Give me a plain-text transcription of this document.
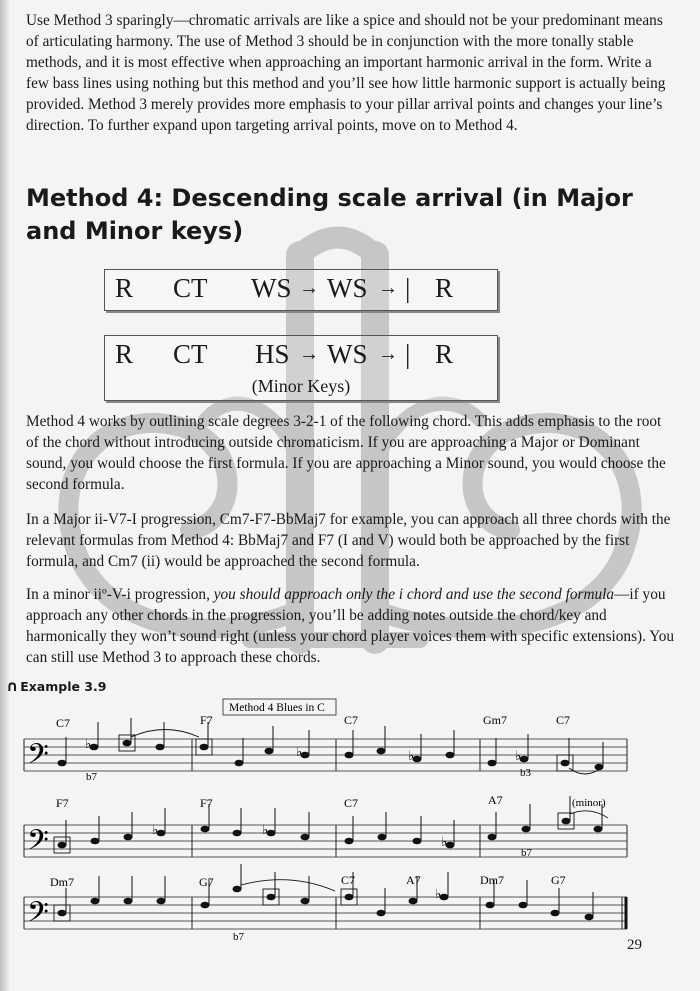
Use Method 3 sparingly—chromatic arrivals are like a spice and should not be your predominant means of articulating harmony. The use of Method 3 should be in conjunction with the more tonally stable methods, and it is most effective when approaching an important harmonic arrival in the form. Write a few bass lines using nothing but this method and you’ll see how little harmonic support is actually being provided. Method 3 merely provides more emphasis to your pillar arrival points and changes your line’s direction. To further expand upon targeting arrival points, move on to Method 4.

Method 4: Descending scale arrival (in Major and Minor keys)
R CT WS → WS → | R
R CT HS → WS → | R
(Minor Keys)

Method 4 works by outlining scale degrees 3-2-1 of the following chord. This adds emphasis to the root of the chord without introducing outside chromaticism. If you are approaching a Major or Dominant sound, you would choose the first formula. If you are approaching a Minor sound, you would choose the second formula.

In a Major ii-V7-I progression, Cm7-F7-BbMaj7 for example, you can approach all three chords with the relevant formulas from Method 4: BbMaj7 and F7 (I and V) would both be approached by the first formula, and Cm7 (ii) would be approached the second formula.

In a minor iiº-V-i progression, you should approach only the i chord and use the second formula—if you approach any other chords in the progression, you’ll be adding notes outside the chord/key and harmonically they won’t sound right (unless your chord player voices them with specific extensions). You can still use Method 3 to approach these chords.

∩ Example 3.9
Method 4 Blues in C
𝄢
C7	F7	C7	Gm7	C7
♭
♭	♭	♭
b7	b3
𝄢
F7	F7	C7	A7	(minor)
♭	♭
♭
b7
𝄢
Dm7	G7	C7	A7	Dm7	G7
♭
b7	29
